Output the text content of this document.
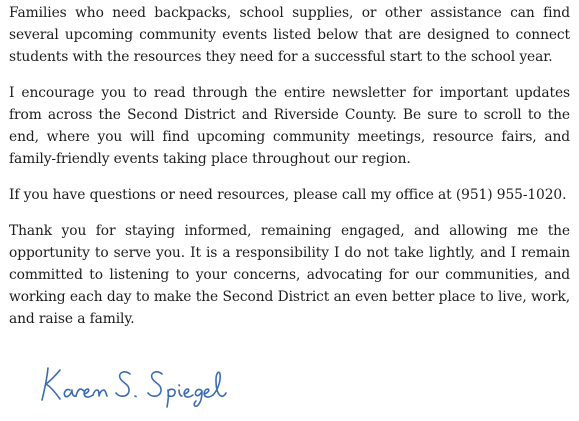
Families who need backpacks, school supplies, or other assistance can find several upcoming community events listed below that are designed to connect students with the resources they need for a successful start to the school year.

I encourage you to read through the entire newsletter for important updates from across the Second District and Riverside County. Be sure to scroll to the end, where you will find upcoming community meetings, resource fairs, and family-friendly events taking place throughout our region.

If you have questions or need resources, please call my office at (951) 955-1020.

Thank you for staying informed, remaining engaged, and allowing me the opportunity to serve you. It is a responsibility I do not take lightly, and I remain committed to listening to your concerns, advocating for our communities, and working each day to make the Second District an even better place to live, work, and raise a family.
